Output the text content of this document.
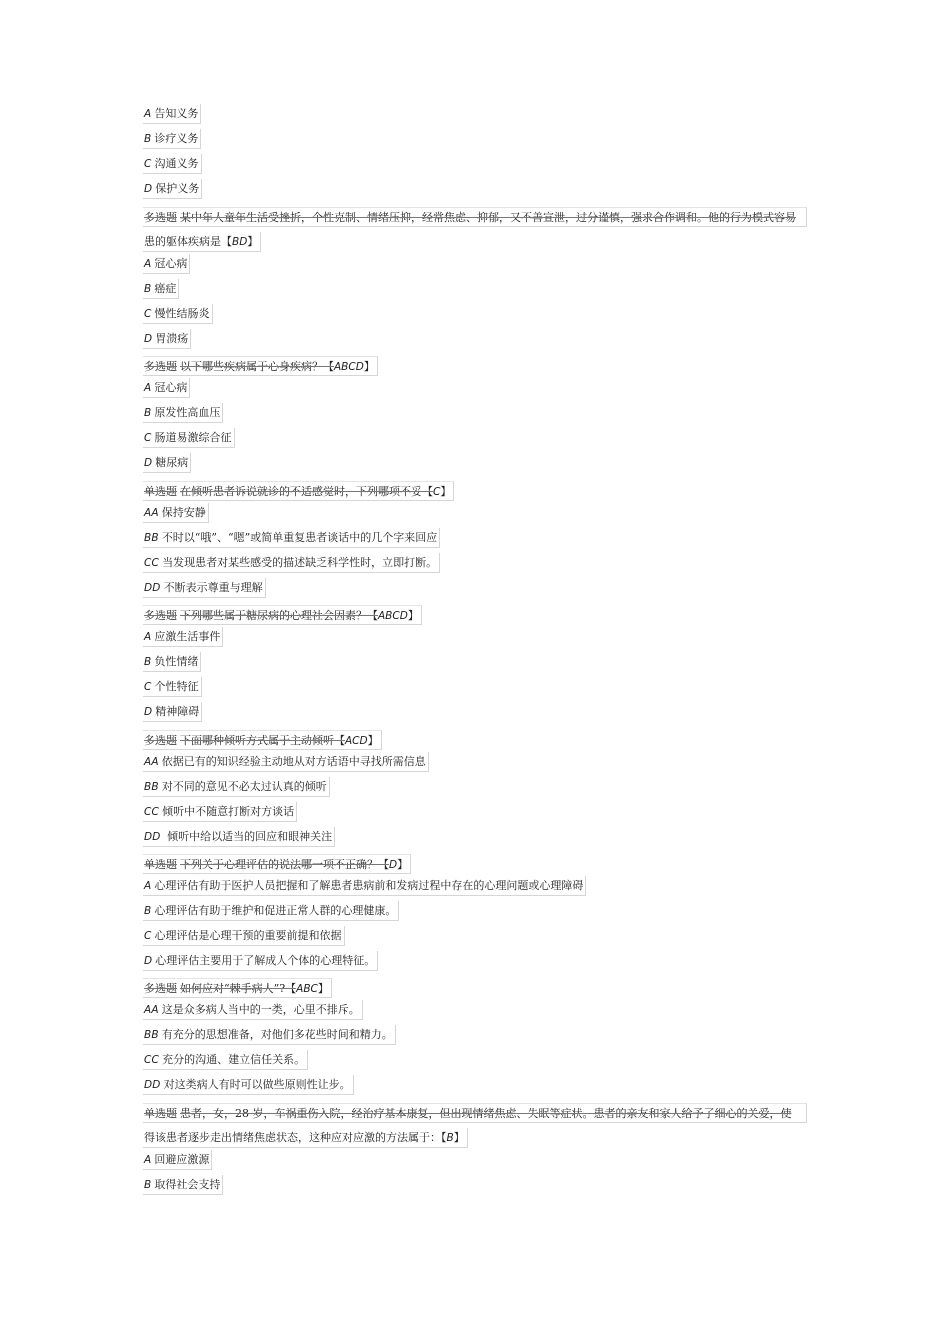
A 告知义务
B 诊疗义务
C 沟通义务
D 保护义务
多选题 某中年人童年生活受挫折，个性克制、情绪压抑，经常焦虑、抑郁，又不善宣泄，过分谨慎，强求合作调和。他的行为模式容易
患的躯体疾病是【BD】
A 冠心病
B 癌症
C 慢性结肠炎
D 胃溃疡
多选题 以下哪些疾病属于心身疾病？【ABCD】
A 冠心病
B 原发性高血压
C 肠道易激综合征
D 糖尿病
单选题 在倾听患者诉说就诊的不适感觉时，下列哪项不妥【C】
AA 保持安静
BB 不时以“哦”、“嗯”或简单重复患者谈话中的几个字来回应
CC 当发现患者对某些感受的描述缺乏科学性时，立即打断。
DD 不断表示尊重与理解
多选题 下列哪些属于糖尿病的心理社会因素？【ABCD】
A 应激生活事件
B 负性情绪
C 个性特征
D 精神障碍
多选题 下面哪种倾听方式属于主动倾听【ACD】
AA 依据已有的知识经验主动地从对方话语中寻找所需信息
BB 对不同的意见不必太过认真的倾听
CC 倾听中不随意打断对方谈话
DD 倾听中给以适当的回应和眼神关注
单选题 下列关于心理评估的说法哪一项不正确？【D】
A 心理评估有助于医护人员把握和了解患者患病前和发病过程中存在的心理问题或心理障碍
B 心理评估有助于维护和促进正常人群的心理健康。
C 心理评估是心理干预的重要前提和依据
D 心理评估主要用于了解成人个体的心理特征。
多选题 如何应对“棘手病人”?【ABC】
AA 这是众多病人当中的一类，心里不排斥。
BB 有充分的思想准备，对他们多花些时间和精力。
CC 充分的沟通、建立信任关系。
DD 对这类病人有时可以做些原则性让步。
单选题 患者，女，28 岁，车祸重伤入院，经治疗基本康复，但出现情绪焦虑、失眠等症状。患者的亲友和家人给予了细心的关爱，使
得该患者逐步走出情绪焦虑状态，这种应对应激的方法属于：【B】
A 回避应激源
B 取得社会支持
